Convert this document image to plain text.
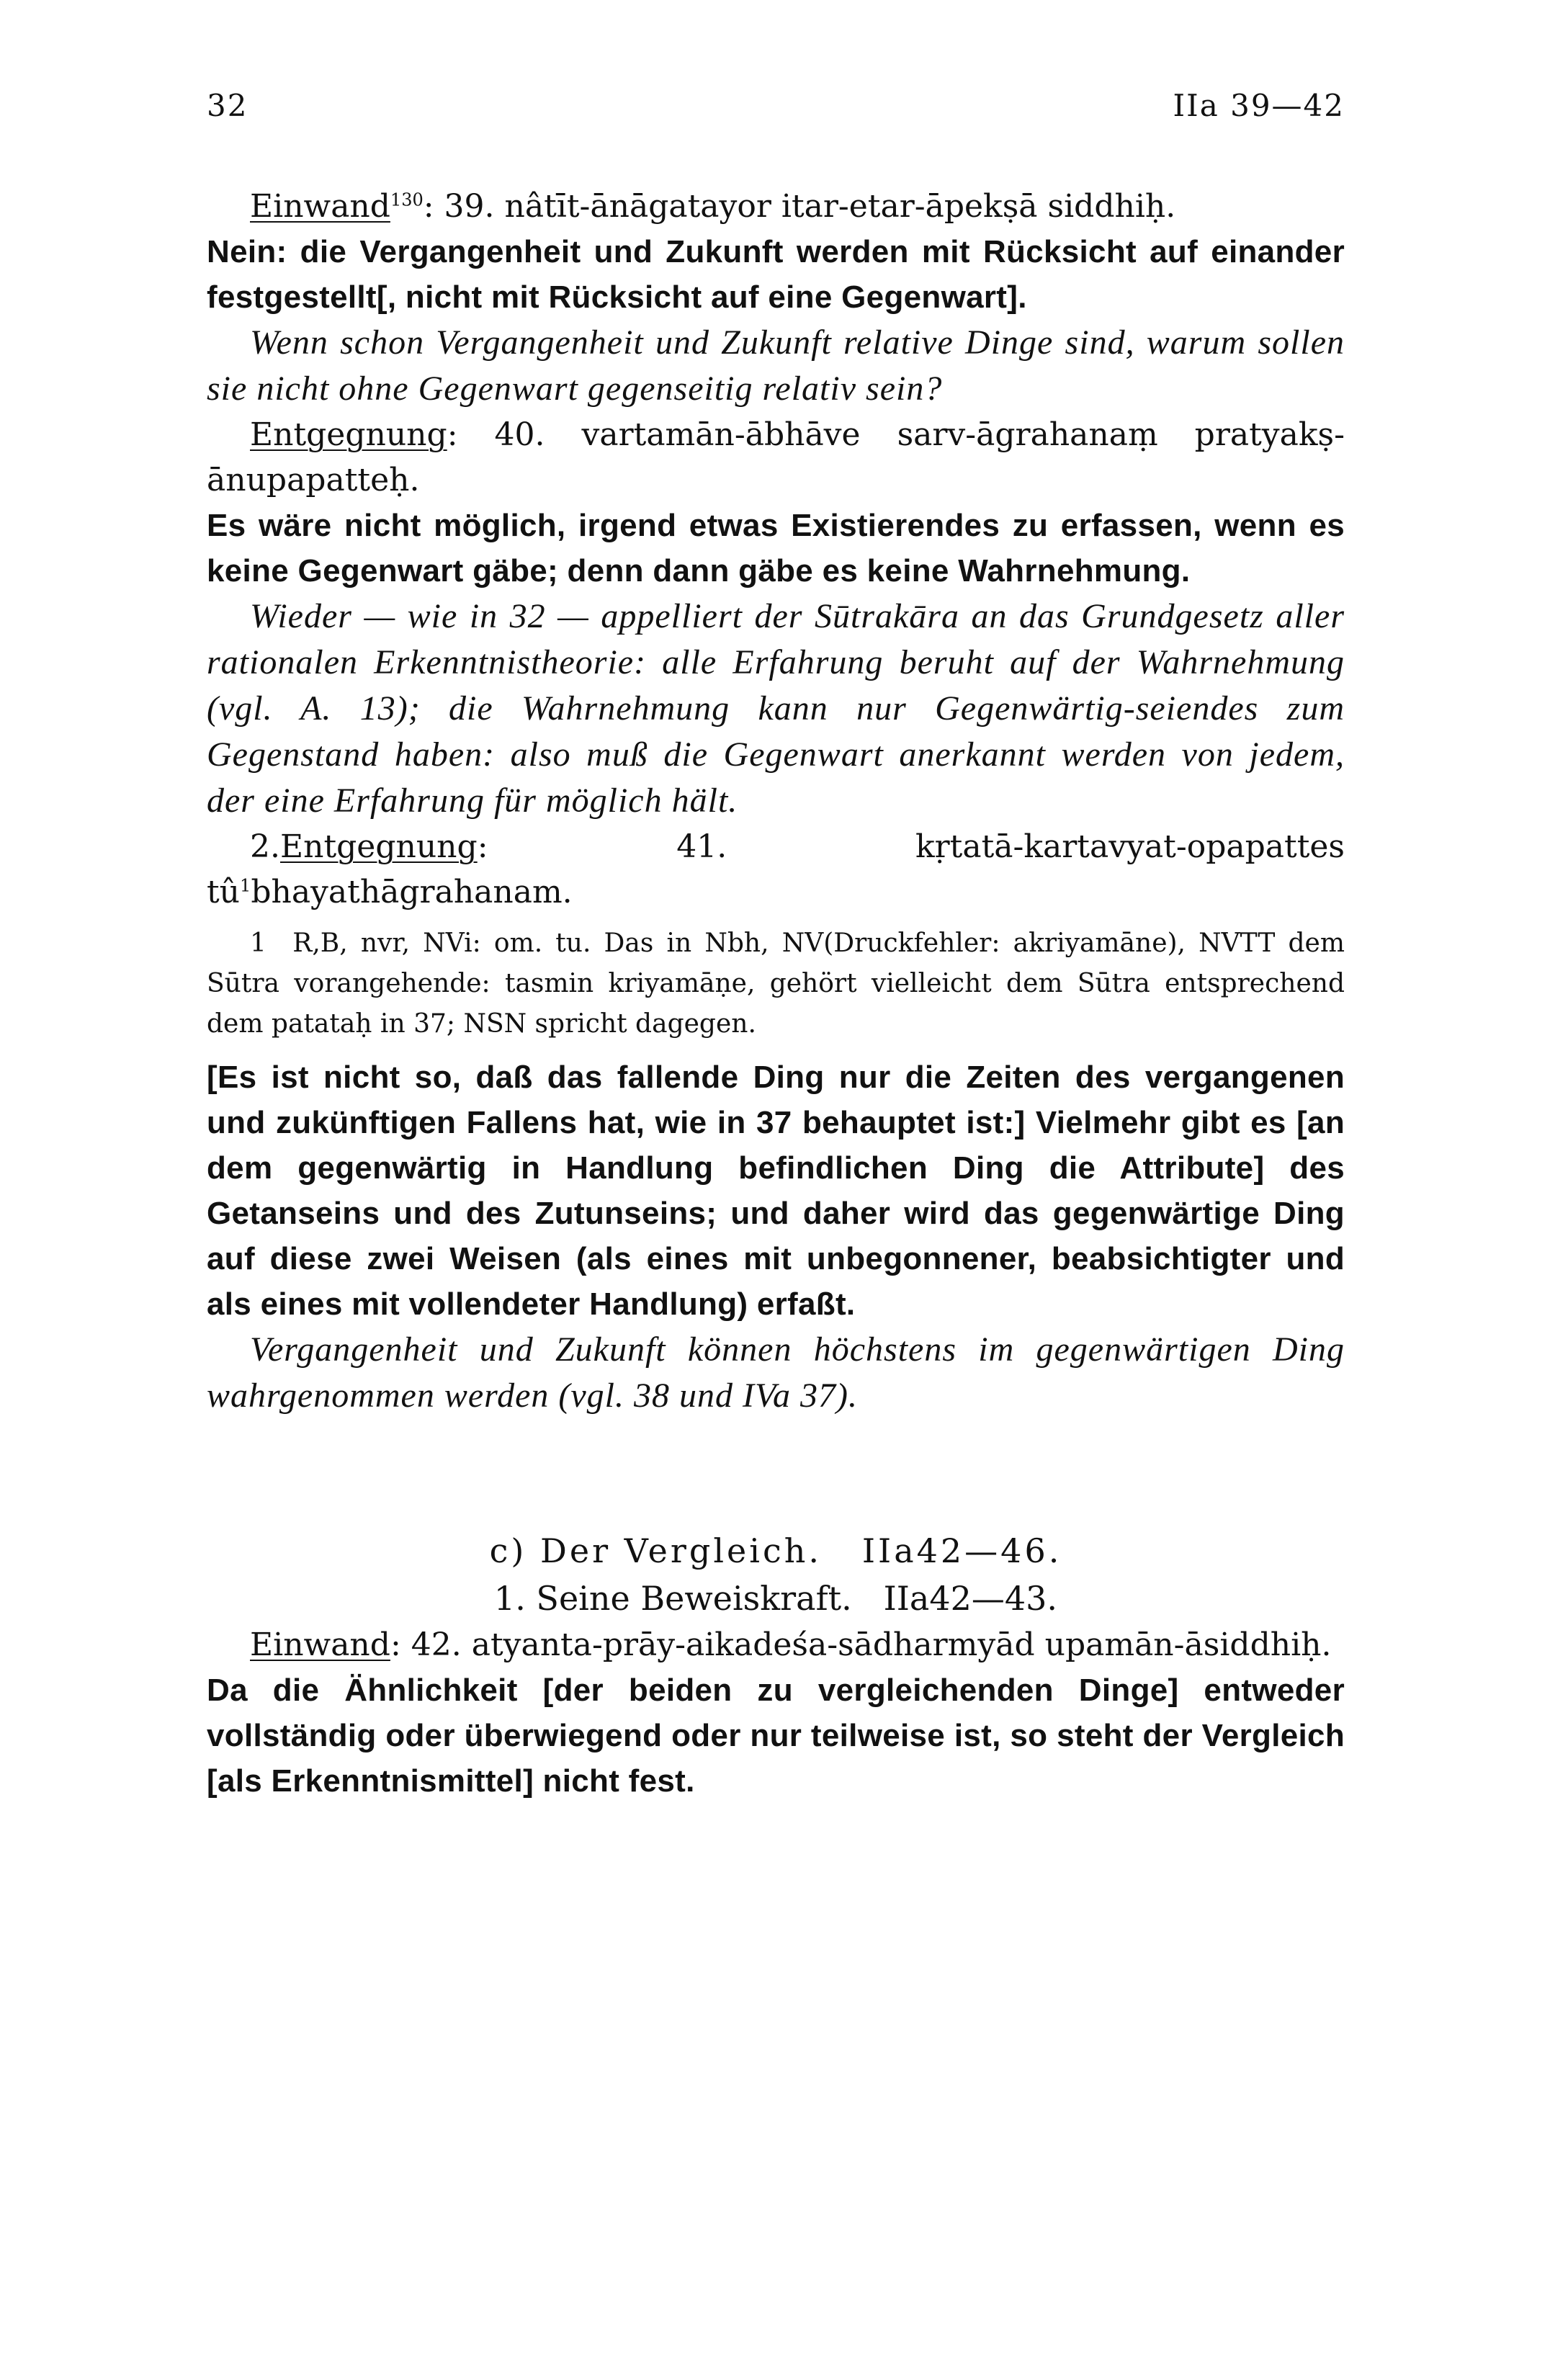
32	IIa 39—42

Einwand$^{130}$: 39. nâtīt-ānāgatayor itar-etar-āpekṣā siddhiḥ.

Nein: die Vergangenheit und Zukunft werden mit Rücksicht auf einander festgestellt[, nicht mit Rücksicht auf eine Gegenwart].

Wenn schon Vergangenheit und Zukunft relative Dinge sind, warum sollen sie nicht ohne Gegenwart gegenseitig relativ sein?

Entgegnung: 40. vartamān-ābhāve sarv-āgrahanaṃ pratyakṣ-ānupapatteḥ.

Es wäre nicht möglich, irgend etwas Existierendes zu erfassen, wenn es keine Gegenwart gäbe; denn dann gäbe es keine Wahrnehmung.

Wieder — wie in 32 — appelliert der Sūtrakāra an das Grundgesetz aller rationalen Erkenntnistheorie: alle Erfahrung beruht auf der Wahrnehmung (vgl. A. 13); die Wahrnehmung kann nur Gegenwärtig-seiendes zum Gegenstand haben: also muß die Gegenwart anerkannt werden von jedem, der eine Erfahrung für möglich hält.

2.Entgegnung: 41. kṛtatā-kartavyat-opapattes $tû^1bhayathāgrahanam$.

1 R,B, nvr, NVi: om. tu. Das in Nbh, NV(Druckfehler: akriyamāne), NVTT dem Sūtra vorangehende: tasmin kriyamāṇe, gehört vielleicht dem Sūtra entsprechend dem patataḥ in 37; NSN spricht dagegen.

[Es ist nicht so, daß das fallende Ding nur die Zeiten des vergangenen und zukünftigen Fallens hat, wie in 37 behauptet ist:] Vielmehr gibt es [an dem gegenwärtig in Handlung befindlichen Ding die Attribute] des Getanseins und des Zutunseins; und daher wird das gegenwärtige Ding auf diese zwei Weisen (als eines mit unbegonnener, beabsichtigter und als eines mit vollendeter Handlung) erfaßt.

Vergangenheit und Zukunft können höchstens im gegenwärtigen Ding wahrgenommen werden (vgl. 38 und IVa 37).

c) Der Vergleich. IIa42—46.

1. Seine Beweiskraft. IIa42—43.

Einwand: 42. atyanta-prāy-aikadeśa-sādharmyād upamān-āsiddhiḥ.

Da die Ähnlichkeit [der beiden zu vergleichenden Dinge] entweder vollständig oder überwiegend oder nur teilweise ist, so steht der Vergleich [als Erkenntnismittel] nicht fest.
